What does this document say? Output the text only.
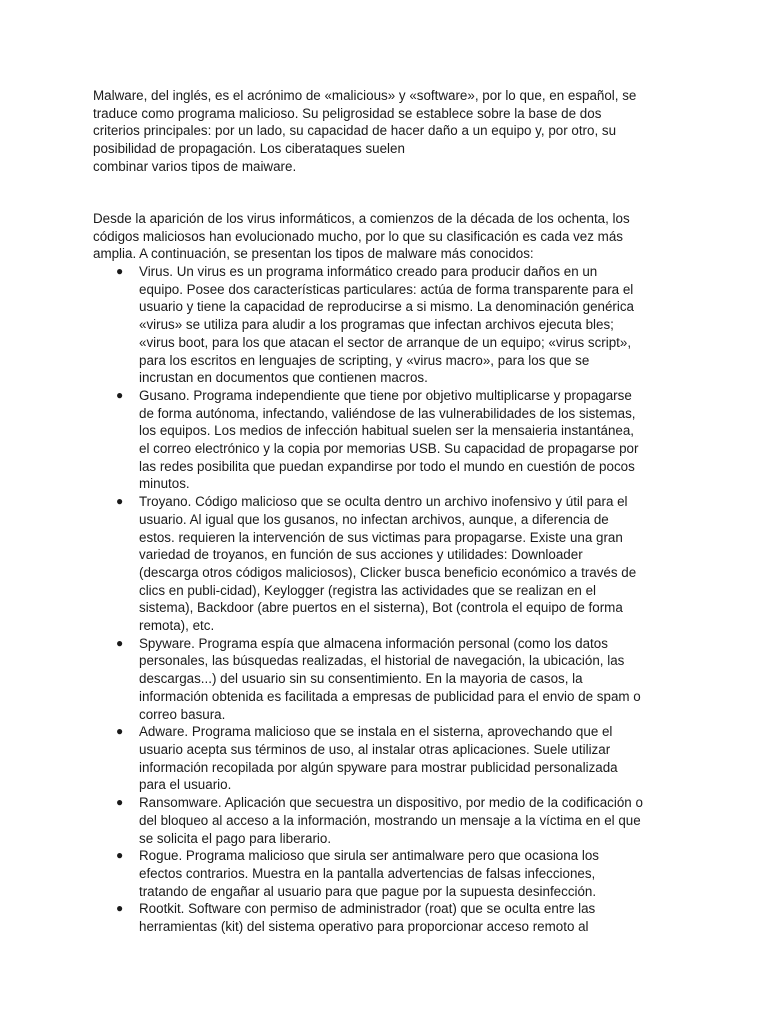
Malware, del inglés, es el acrónimo de «malicious» y «software», por lo que, en español, se
traduce como programa malicioso. Su peligrosidad se establece sobre la base de dos
criterios principales: por un lado, su capacidad de hacer daño a un equipo y, por otro, su
posibilidad de propagación. Los ciberataques suelen
combinar varios tipos de maiware.
Desde la aparición de los virus informáticos, a comienzos de la década de los ochenta, los
códigos maliciosos han evolucionado mucho, por lo que su clasificación es cada vez más
amplia. A continuación, se presentan los tipos de malware más conocidos:
● Virus. Un virus es un programa informático creado para producir daños en un
equipo. Posee dos características particulares: actúa de forma transparente para el
usuario y tiene la capacidad de reproducirse a si mismo. La denominación genérica
«virus» se utiliza para aludir a los programas que infectan archivos ejecuta bles;
«virus boot, para los que atacan el sector de arranque de un equipo; «virus script»,
para los escritos en lenguajes de scripting, y «virus macro», para los que se
incrustan en documentos que contienen macros.
● Gusano. Programa independiente que tiene por objetivo multiplicarse y propagarse
de forma autónoma, infectando, valiéndose de las vulnerabilidades de los sistemas,
los equipos. Los medios de infección habitual suelen ser la mensaieria instantánea,
el correo electrónico y la copia por memorias USB. Su capacidad de propagarse por
las redes posibilita que puedan expandirse por todo el mundo en cuestión de pocos
minutos.
● Troyano. Código malicioso que se oculta dentro un archivo inofensivo y útil para el
usuario. Al igual que los gusanos, no infectan archivos, aunque, a diferencia de
estos. requieren la intervención de sus victimas para propagarse. Existe una gran
variedad de troyanos, en función de sus acciones y utilidades: Downloader
(descarga otros códigos maliciosos), Clicker busca beneficio económico a través de
clics en publi-cidad), Keylogger (registra las actividades que se realizan en el
sistema), Backdoor (abre puertos en el sisterna), Bot (controla el equipo de forma
remota), etc.
● Spyware. Programa espía que almacena información personal (como los datos
personales, las búsquedas realizadas, el historial de navegación, la ubicación, las
descargas...) del usuario sin su consentimiento. En la mayoria de casos, la
información obtenida es facilitada a empresas de publicidad para el envio de spam o
correo basura.
● Adware. Programa malicioso que se instala en el sisterna, aprovechando que el
usuario acepta sus términos de uso, al instalar otras aplicaciones. Suele utilizar
información recopilada por algún spyware para mostrar publicidad personalizada
para el usuario.
● Ransomware. Aplicación que secuestra un dispositivo, por medio de la codificación o
del bloqueo al acceso a la información, mostrando un mensaje a la víctima en el que
se solicita el pago para liberario.
● Rogue. Programa malicioso que sirula ser antimalware pero que ocasiona los
efectos contrarios. Muestra en la pantalla advertencias de falsas infecciones,
tratando de engañar al usuario para que pague por la supuesta desinfección.
● Rootkit. Software con permiso de administrador (roat) que se oculta entre las
herramientas (kit) del sistema operativo para proporcionar acceso remoto al
